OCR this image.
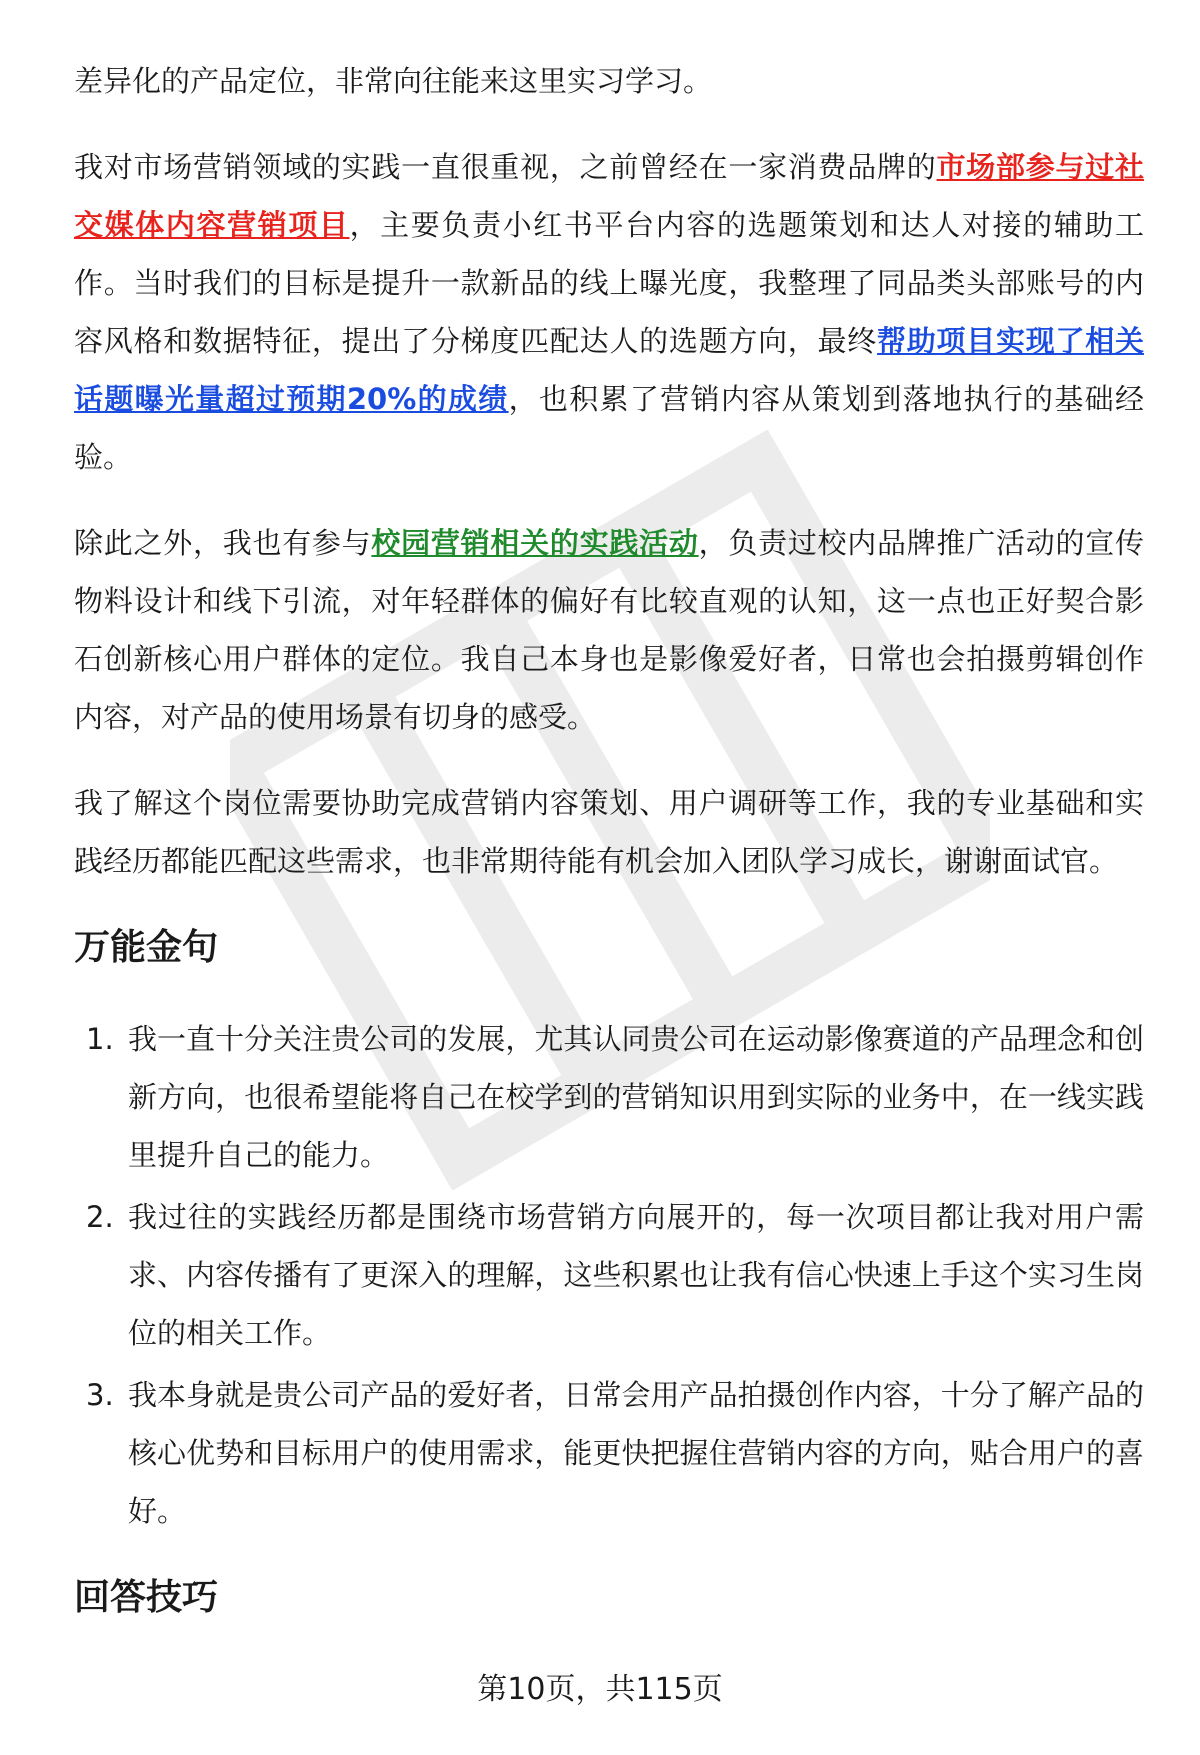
差异化的产品定位，非常向往能来这里实习学习。

我对市场营销领域的实践一直很重视，之前曾经在一家消费品牌的市场部参与过社交媒体内容营销项目，主要负责小红书平台内容的选题策划和达人对接的辅助工作。当时我们的目标是提升一款新品的线上曝光度，我整理了同品类头部账号的内容风格和数据特征，提出了分梯度匹配达人的选题方向，最终帮助项目实现了相关话题曝光量超过预期20%的成绩，也积累了营销内容从策划到落地执行的基础经验。

除此之外，我也有参与校园营销相关的实践活动，负责过校内品牌推广活动的宣传物料设计和线下引流，对年轻群体的偏好有比较直观的认知，这一点也正好契合影石创新核心用户群体的定位。我自己本身也是影像爱好者，日常也会拍摄剪辑创作内容，对产品的使用场景有切身的感受。

我了解这个岗位需要协助完成营销内容策划、用户调研等工作，我的专业基础和实践经历都能匹配这些需求，也非常期待能有机会加入团队学习成长，谢谢面试官。

万能金句
1. 我一直十分关注贵公司的发展，尤其认同贵公司在运动影像赛道的产品理念和创新方向，也很希望能将自己在校学到的营销知识用到实际的业务中，在一线实践里提升自己的能力。
2. 我过往的实践经历都是围绕市场营销方向展开的，每一次项目都让我对用户需求、内容传播有了更深入的理解，这些积累也让我有信心快速上手这个实习生岗位的相关工作。
3. 我本身就是贵公司产品的爱好者，日常会用产品拍摄创作内容，十分了解产品的核心优势和目标用户的使用需求，能更快把握住营销内容的方向，贴合用户的喜好。
回答技巧
第10页，共115页
